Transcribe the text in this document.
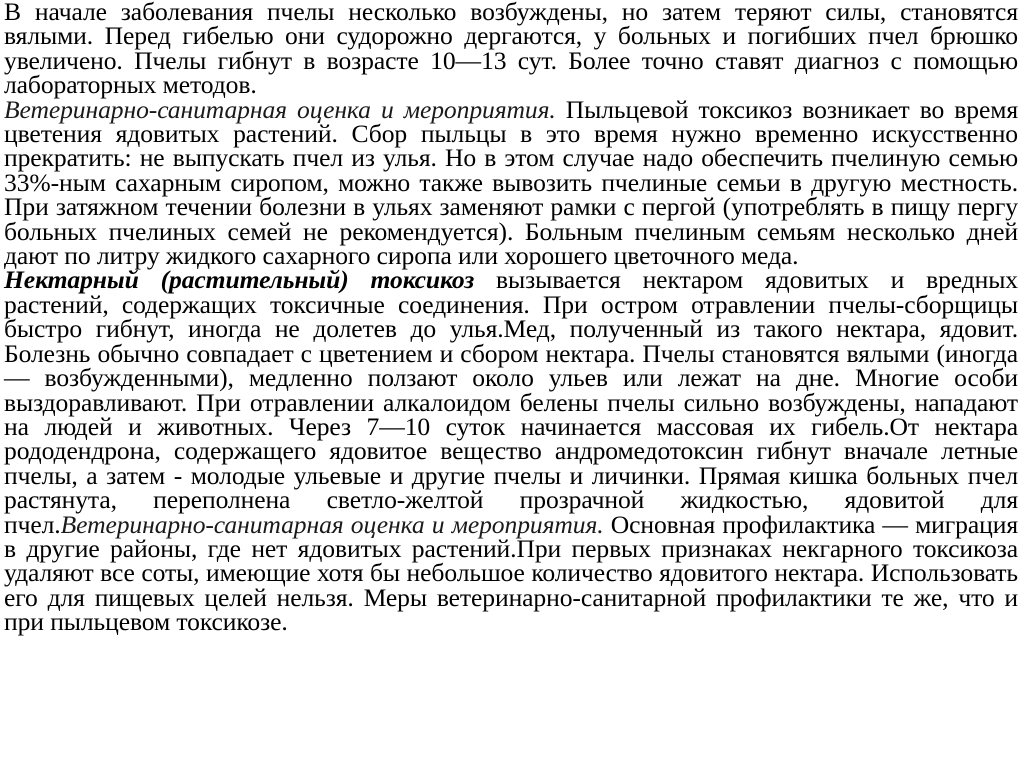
В начале заболевания пчелы несколько возбуждены, но затем теряют силы, становятся вялыми. Перед гибелью они судорожно дергаются, у больных и погибших пчел брюшко увеличено. Пчелы гибнут в возрасте 10—13 сут. Более точно ставят диагноз с помощью лабораторных методов.

Ветеринарно-санитарная оценка и мероприятия. Пыльцевой токсикоз возникает во время цветения ядовитых растений. Сбор пыльцы в это время нужно временно искусственно прекратить: не выпускать пчел из улья. Но в этом случае надо обеспечить пчелиную семью 33%-ным сахарным сиропом, можно также вывозить пчелиные семьи в другую местность. При затяжном течении болезни в ульях заменяют рамки с пергой (употреблять в пищу пергу больных пчелиных семей не рекомендуется). Больным пчелиным семьям несколько дней дают по литру жидкого сахарного сиропа или хорошего цветочного меда.

Нектарный (растительный) токсикоз вызывается нектаром ядовитых и вредных растений, содержащих токсичные соединения. При остром отравлении пчелы-сборщицы быстро гибнут, иногда не долетев до улья.Мед, полученный из такого нектара, ядовит. Болезнь обычно совпадает с цветением и сбором нектара. Пчелы становятся вялыми (иногда — возбужденными), медленно ползают около ульев или лежат на дне. Многие особи выздоравливают. При отравлении алкалоидом белены пчелы сильно возбуждены, нападают на людей и животных. Через 7—10 суток начинается массовая их гибель.От нектара рододендрона, содержащего ядовитое вещество андромедотоксин гибнут вначале летные пчелы, а затем - молодые ульевые и другие пчелы и личинки. Прямая кишка больных пчел растянута, переполнена светло-желтой прозрачной жидкостью, ядовитой для пчел.Ветеринарно-санитарная оценка и мероприятия. Основная профилактика — миграция в другие районы, где нет ядовитых растений.При первых признаках некгарного токсикоза удаляют все соты, имеющие хотя бы небольшое количество ядовитого нектара. Использовать его для пищевых целей нельзя. Меры ветеринарно-санитарной профилактики те же, что и при пыльцевом токсикозе.
